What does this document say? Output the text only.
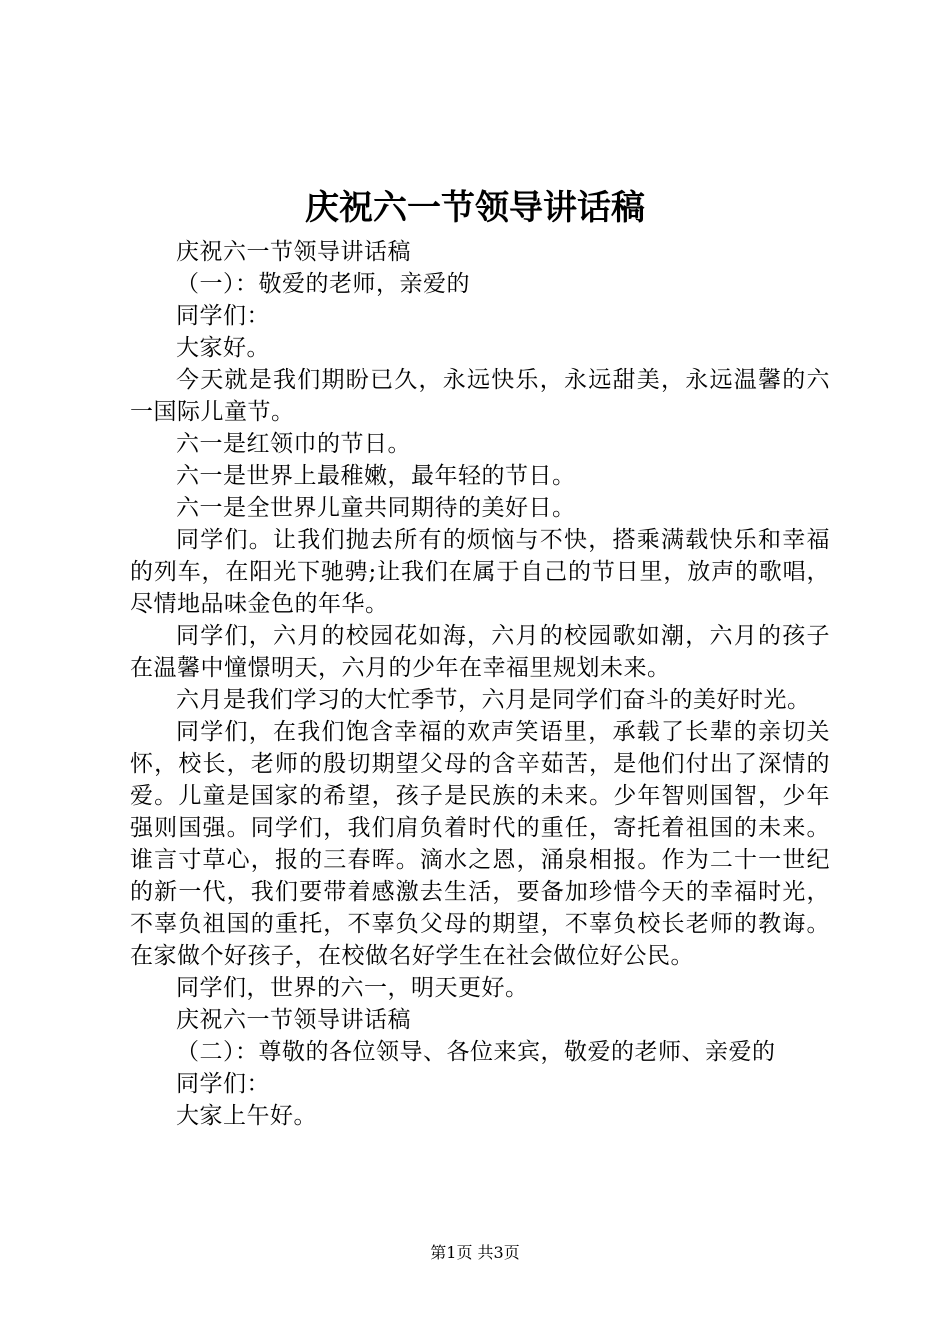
庆祝六一节领导讲话稿

庆祝六一节领导讲话稿

（一）：敬爱的老师，亲爱的

同学们：

大家好。

今天就是我们期盼已久，永远快乐，永远甜美，永远温馨的六一国际儿童节。

六一是红领巾的节日。

六一是世界上最稚嫩，最年轻的节日。

六一是全世界儿童共同期待的美好日。

同学们。让我们抛去所有的烦恼与不快，搭乘满载快乐和幸福的列车，在阳光下驰骋;让我们在属于自己的节日里，放声的歌唱，尽情地品味金色的年华。

同学们，六月的校园花如海，六月的校园歌如潮，六月的孩子在温馨中憧憬明天，六月的少年在幸福里规划未来。

六月是我们学习的大忙季节，六月是同学们奋斗的美好时光。

同学们，在我们饱含幸福的欢声笑语里，承载了长辈的亲切关怀，校长，老师的殷切期望父母的含辛茹苦，是他们付出了深情的爱。儿童是国家的希望，孩子是民族的未来。少年智则国智，少年强则国强。同学们，我们肩负着时代的重任，寄托着祖国的未来。谁言寸草心，报的三春晖。滴水之恩，涌泉相报。作为二十一世纪的新一代，我们要带着感激去生活，要备加珍惜今天的幸福时光，不辜负祖国的重托，不辜负父母的期望，不辜负校长老师的教诲。在家做个好孩子，在校做名好学生在社会做位好公民。

同学们，世界的六一，明天更好。

庆祝六一节领导讲话稿

（二）：尊敬的各位领导、各位来宾，敬爱的老师、亲爱的

同学们：

大家上午好。

第1页 共3页
